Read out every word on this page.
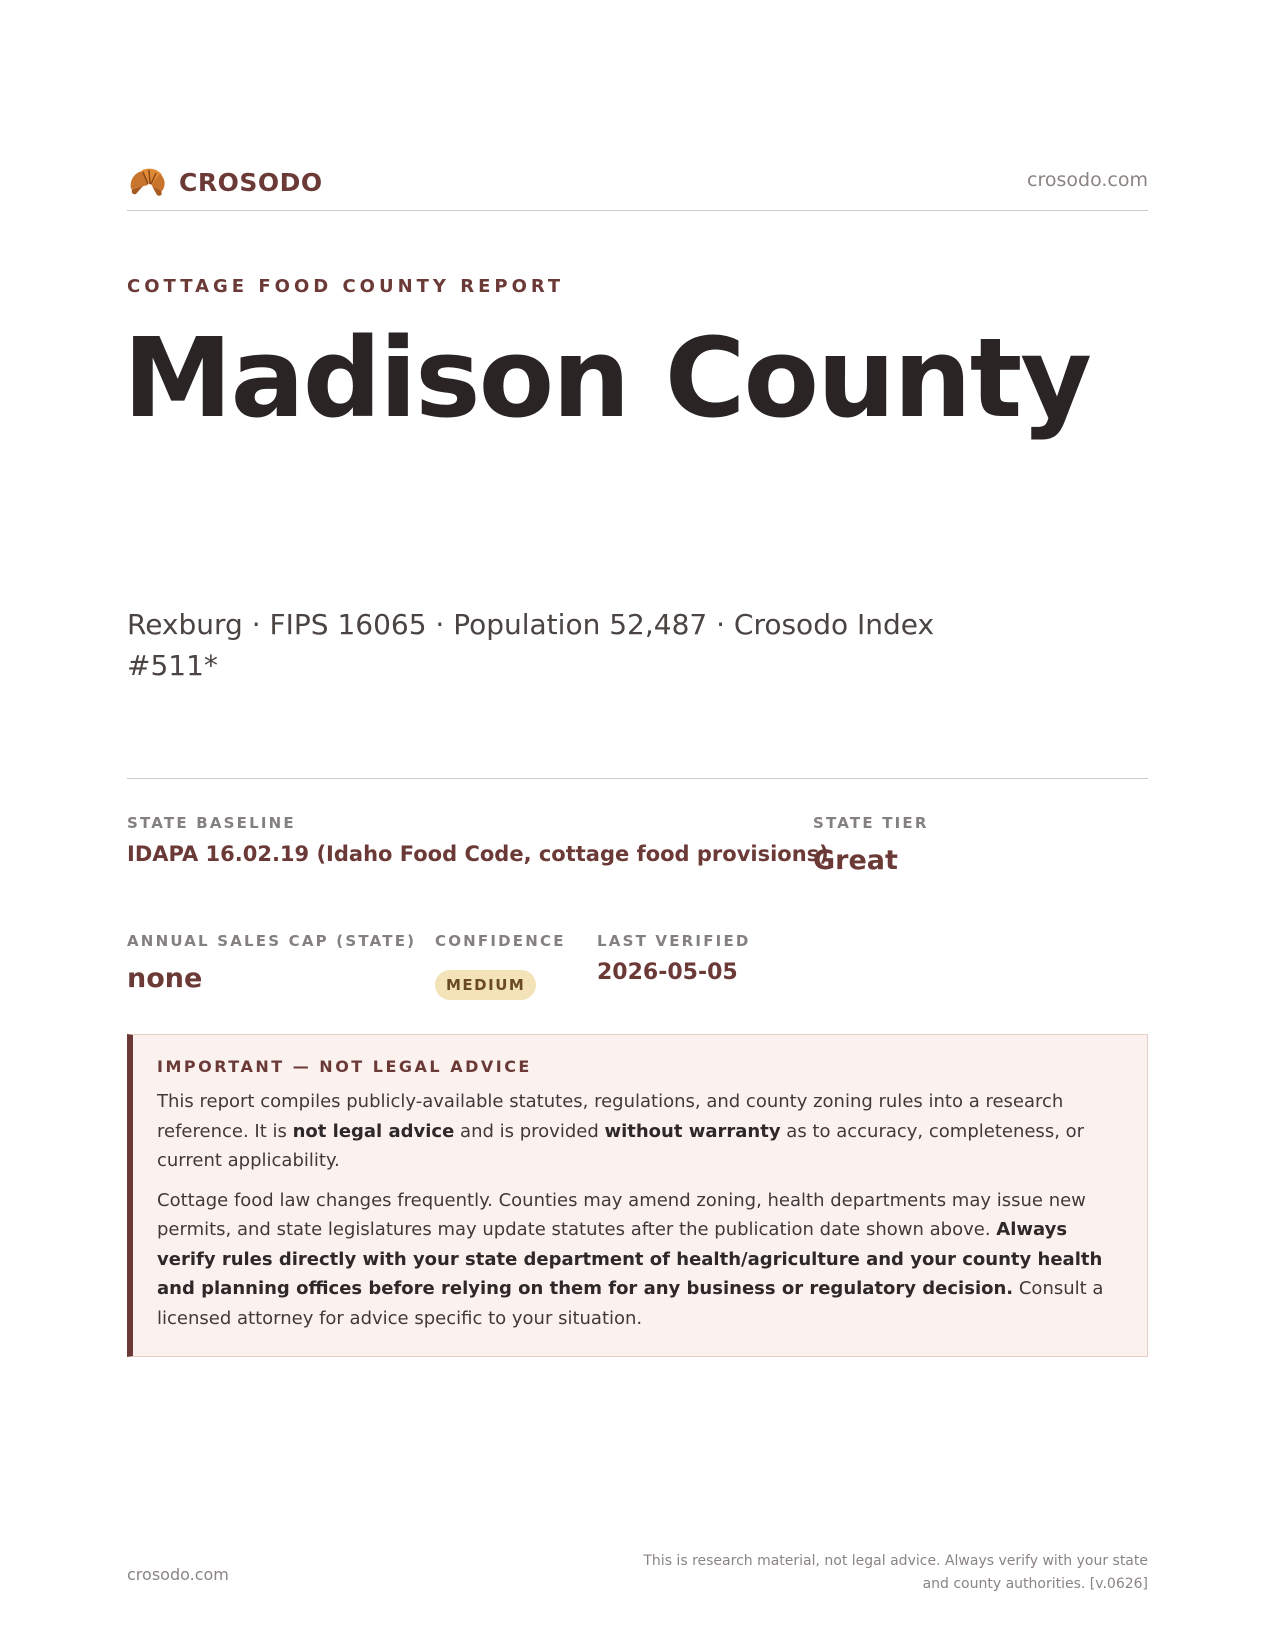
CROSODO	crosodo.com
COTTAGE FOOD COUNTY REPORT
Madison County
Rexburg · FIPS 16065 · Population 52,487 · Crosodo Index #511*
STATE BASELINE
IDAPA 16.02.19 (Idaho Food Code, cottage food provisions)
STATE TIER
Great
ANNUAL SALES CAP (STATE)
none
CONFIDENCE
MEDIUM
LAST VERIFIED
2026-05-05
IMPORTANT — NOT LEGAL ADVICE

This report compiles publicly-available statutes, regulations, and county zoning rules into a research reference. It is not legal advice and is provided without warranty as to accuracy, completeness, or current applicability.

Cottage food law changes frequently. Counties may amend zoning, health departments may issue new permits, and state legislatures may update statutes after the publication date shown above. Always verify rules directly with your state department of health/agriculture and your county health and planning offices before relying on them for any business or regulatory decision. Consult a licensed attorney for advice specific to your situation.

crosodo.com
This is research material, not legal advice. Always verify with your state and county authorities. [v.0626]
